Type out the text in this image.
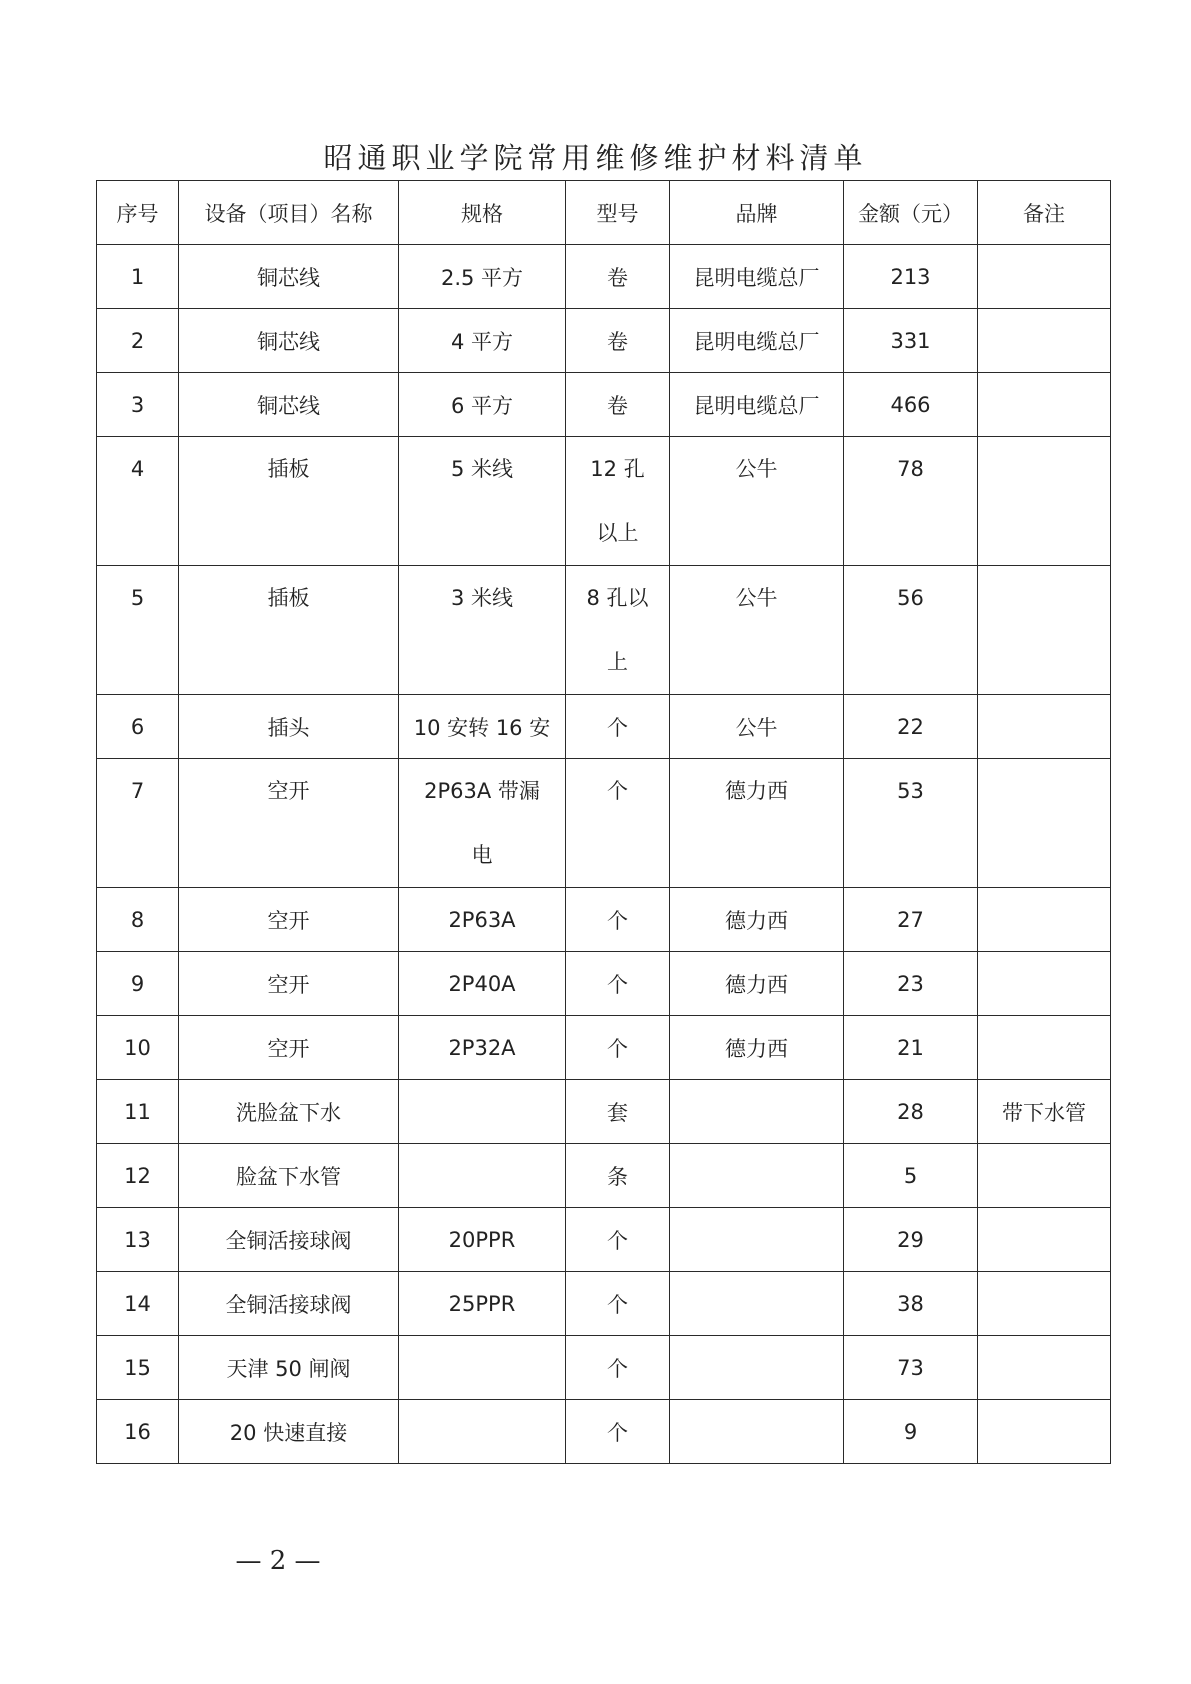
昭通职业学院常用维修维护材料清单
序号	设备（项目）名称	规格	型号	品牌	金额（元）	备注
1	铜芯线	2.5 平方	卷	昆明电缆总厂	213	
2	铜芯线	4 平方	卷	昆明电缆总厂	331	
3	铜芯线	6 平方	卷	昆明电缆总厂	466	
4	插板	5 米线	12 孔以上	公牛	78	
5	插板	3 米线	8 孔以上	公牛	56	
6	插头	10 安转 16 安	个	公牛	22	
7	空开	2P63A 带漏电	个	德力西	53	
8	空开	2P63A	个	德力西	27	
9	空开	2P40A	个	德力西	23	
10	空开	2P32A	个	德力西	21	
11	洗脸盆下水		套		28	带下水管
12	脸盆下水管		条		5	
13	全铜活接球阀	20PPR	个		29	
14	全铜活接球阀	25PPR	个		38	
15	天津 50 闸阀		个		73	
16	20 快速直接		个		9	
— 2 —
